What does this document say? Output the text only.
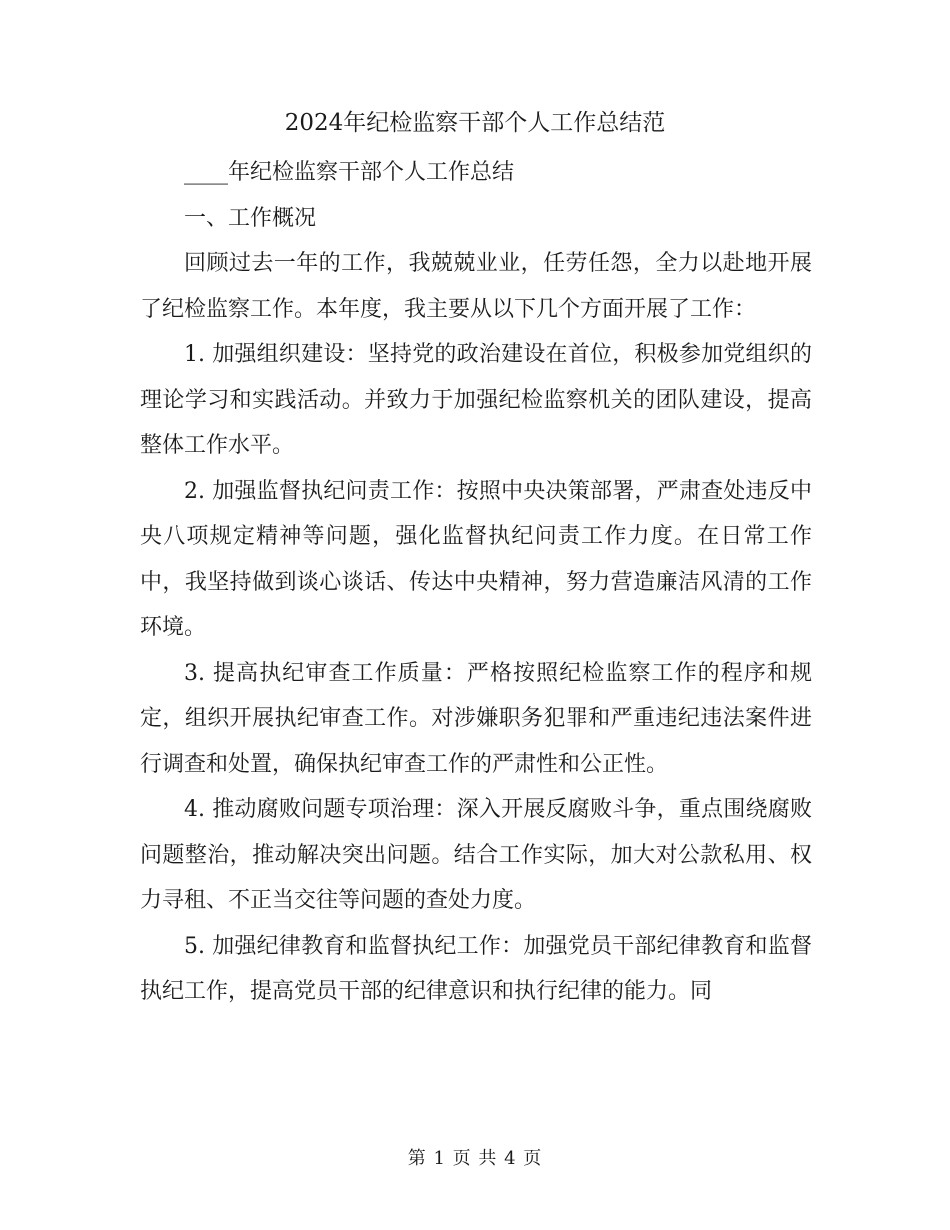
2024年纪检监察干部个人工作总结范

____年纪检监察干部个人工作总结

一、工作概况

回顾过去一年的工作，我兢兢业业，任劳任怨，全力以赴地开展了纪检监察工作。本年度，我主要从以下几个方面开展了工作：

1. 加强组织建设：坚持党的政治建设在首位，积极参加党组织的理论学习和实践活动。并致力于加强纪检监察机关的团队建设，提高整体工作水平。

2. 加强监督执纪问责工作：按照中央决策部署，严肃查处违反中央八项规定精神等问题，强化监督执纪问责工作力度。在日常工作中，我坚持做到谈心谈话、传达中央精神，努力营造廉洁风清的工作环境。

3. 提高执纪审查工作质量：严格按照纪检监察工作的程序和规定，组织开展执纪审查工作。对涉嫌职务犯罪和严重违纪违法案件进行调查和处置，确保执纪审查工作的严肃性和公正性。

4. 推动腐败问题专项治理：深入开展反腐败斗争，重点围绕腐败问题整治，推动解决突出问题。结合工作实际，加大对公款私用、权力寻租、不正当交往等问题的查处力度。

5. 加强纪律教育和监督执纪工作：加强党员干部纪律教育和监督执纪工作，提高党员干部的纪律意识和执行纪律的能力。同

第 1 页 共 4 页
